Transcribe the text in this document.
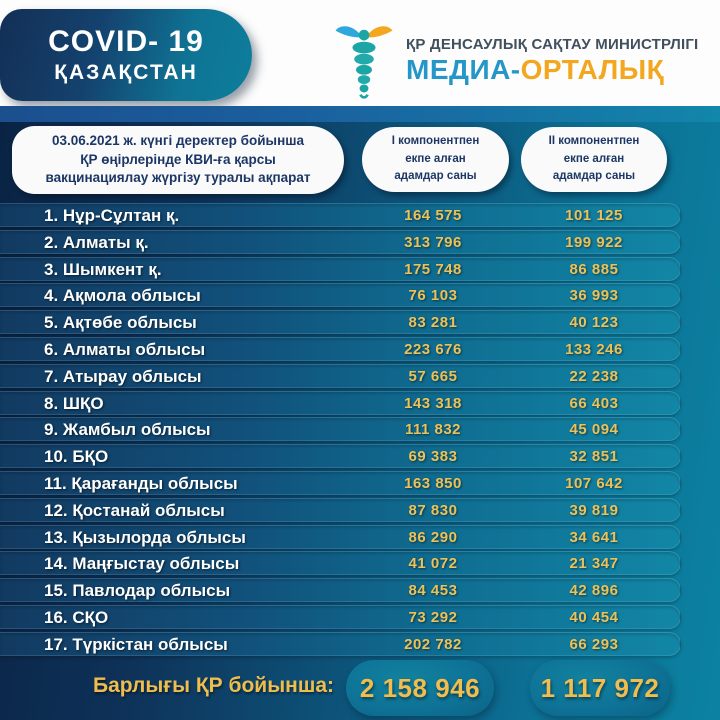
COVID- 19
ҚАЗАҚСТАН
ҚР ДЕНСАУЛЫҚ САҚТАУ МИНИСТРЛІГІ
МЕДИА-ОРТАЛЫҚ
03.06.2021 ж. күнгі деректер бойынша
ҚР өңірлерінде КВИ-ға қарсы
вакцинациялау жүргізу туралы ақпарат
I компонентпен
екпе алған
адамдар саны
II компонентпен
екпе алған
адамдар саны
1. Нұр-Сұлтан қ.	164 575	101 125
2. Алматы қ.	313 796	199 922
3. Шымкент қ.	175 748	86 885
4. Ақмола облысы	76 103	36 993
5. Ақтөбе облысы	83 281	40 123
6. Алматы облысы	223 676	133 246
7. Атырау облысы	57 665	22 238
8. ШҚО	143 318	66 403
9. Жамбыл облысы	111 832	45 094
10. БҚО	69 383	32 851
11. Қарағанды облысы	163 850	107 642
12. Қостанай облысы	87 830	39 819
13. Қызылорда облысы	86 290	34 641
14. Маңғыстау облысы	41 072	21 347
15. Павлодар облысы	84 453	42 896
16. СҚО	73 292	40 454
17. Түркістан облысы	202 782	66 293
Барлығы ҚР бойынша: 2 158 946	1 117 972
